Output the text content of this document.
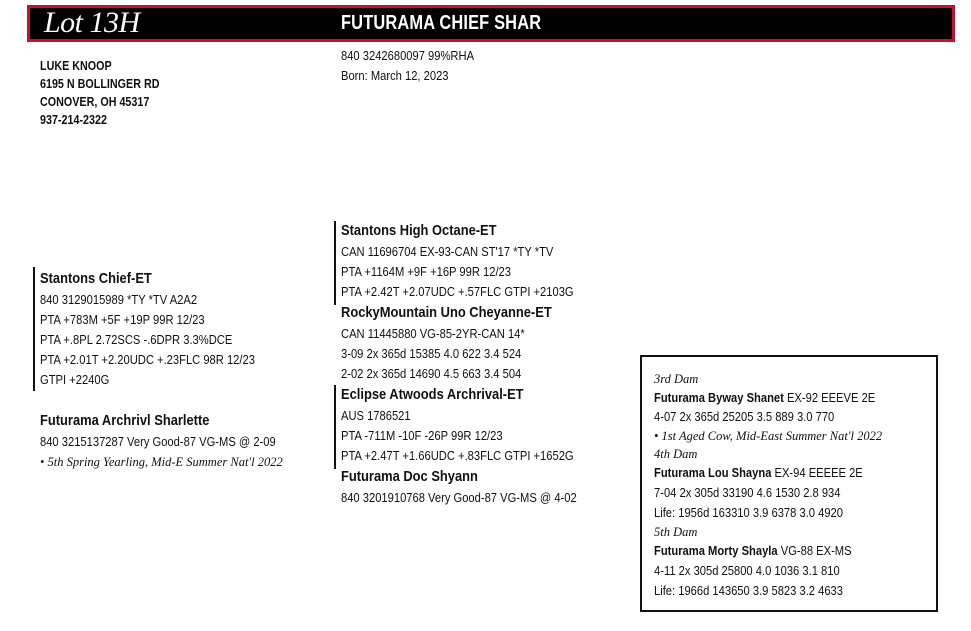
Lot 13H	FUTURAMA CHIEF SHAR
840 3242680097 99%RHA
Born: March 12, 2023
LUKE KNOOP
6195 N BOLLINGER RD
CONOVER, OH 45317
937-214-2322
Stantons Chief-ET
840 3129015989 *TY *TV A2A2
PTA +783M +5F +19P 99R 12/23
PTA +.8PL 2.72SCS -.6DPR 3.3%DCE
PTA +2.01T +2.20UDC +.23FLC 98R 12/23
GTPI +2240G
Futurama Archrivl Sharlette
840 3215137287 Very Good-87 VG-MS @ 2-09
• 5th Spring Yearling, Mid-E Summer Nat'l 2022
Stantons High Octane-ET
CAN 11696704 EX-93-CAN ST'17 *TY *TV
PTA +1164M +9F +16P 99R 12/23
PTA +2.42T +2.07UDC +.57FLC GTPI +2103G
RockyMountain Uno Cheyanne-ET
CAN 11445880 VG-85-2YR-CAN 14*
3-09 2x 365d 15385 4.0 622 3.4 524
2-02 2x 365d 14690 4.5 663 3.4 504
Eclipse Atwoods Archrival-ET
AUS 1786521
PTA -711M -10F -26P 99R 12/23
PTA +2.47T +1.66UDC +.83FLC GTPI +1652G
Futurama Doc Shyann
840 3201910768 Very Good-87 VG-MS @ 4-02
3rd Dam
Futurama Byway Shanet EX-92 EEEVE 2E
4-07 2x 365d 25205 3.5 889 3.0 770
• 1st Aged Cow, Mid-East Summer Nat'l 2022
4th Dam
Futurama Lou Shayna EX-94 EEEEE 2E
7-04 2x 305d 33190 4.6 1530 2.8 934
Life: 1956d 163310 3.9 6378 3.0 4920
5th Dam
Futurama Morty Shayla VG-88 EX-MS
4-11 2x 305d 25800 4.0 1036 3.1 810
Life: 1966d 143650 3.9 5823 3.2 4633
